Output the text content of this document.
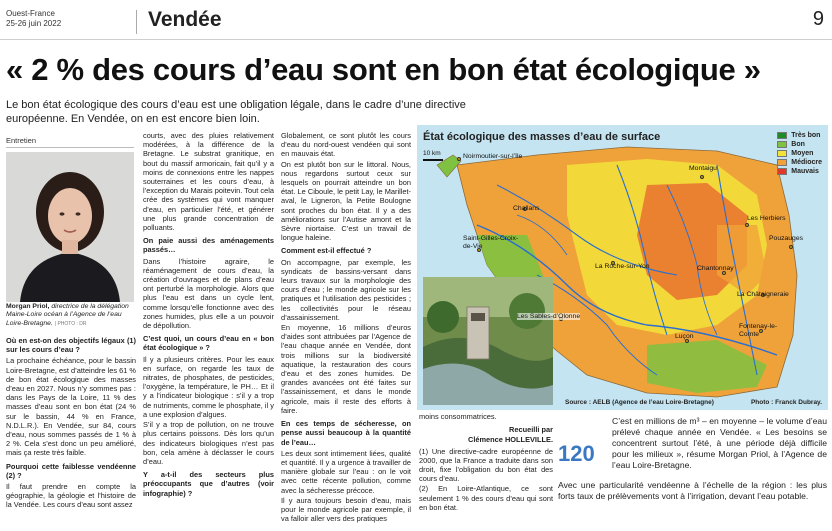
Ouest-France
25-26 juin 2022	Vendée	9
« 2 % des cours d’eau sont en bon état écologique »
Le bon état écologique des cours d’eau est une obligation légale, dans le cadre d’une directive européenne. En Vendée, on en est encore bien loin.
Entretien
Morgan Priol, directrice de la délégation Maine-Loire océan à l’Agence de l’eau Loire-Bretagne. | PHOTO : DR

Où en est-on des objectifs légaux (1) sur les cours d’eau ?

La prochaine échéance, pour le bassin Loire-Bretagne, est d’atteindre les 61 % de bon état écologique des masses d’eau en 2027. Nous n’y sommes pas : dans les Pays de la Loire, 11 % des masses d’eau sont en bon état (24 % sur le bassin, 44 % en France, N.D.L.R.). En Vendée, sur 84, cours d’eau, nous sommes passés de 1 % à 2 %. Cela s’est donc un peu amélioré, mais ça reste très faible.

Pourquoi cette faiblesse vendéenne (2) ?

Il faut prendre en compte la géographie, la géologie et l’histoire de la Vendée. Les cours d’eau sont assez

courts, avec des pluies relativement modérées, à la différence de la Bretagne. Le substrat granitique, en bout du massif armoricain, fait qu’il y a moins de connexions entre les nappes souterraines et les cours d’eau, à l’exception du Marais poitevin. Tout cela crée des systèmes qui vont manquer d’eau, en particulier l’été, et générer une plus grande concentration de polluants.

On paie aussi des aménagements passés…

Dans l’histoire agraire, le réaménagement de cours d’eau, la création d’ouvrages et de plans d’eau ont perturbé la morphologie. Alors que plus l’eau est dans un cycle lent, comme lorsqu’elle fonctionne avec des zones humides, plus elle a un pouvoir de dépollution.

C’est quoi, un cours d’eau en « bon état écologique » ?

Il y a plusieurs critères. Pour les eaux en surface, on regarde les taux de nitrates, de phosphates, de pesticides, l’oxygène, la température, le PH… Et il y a l’indicateur biologique : s’il y a trop de nutriments, comme le phosphate, il y a une explosion d’algues.

S’il y a trop de pollution, on ne trouve plus certains poissons. Dès lors qu’un des indicateurs biologiques n’est pas bon, cela amène à déclasser le cours d’eau.

Y a-t-il des secteurs plus préoccupants que d’autres (voir infographie) ?

Globalement, ce sont plutôt les cours d’eau du nord-ouest vendéen qui sont en mauvais état.

On est plutôt bon sur le littoral. Nous, nous regardons surtout ceux sur lesquels on pourrait atteindre un bon état. Le Ciboule, le petit Lay, le Marillet-aval, le Ligneron, la Petite Boulogne sont proches du bon état. Il y a des améliorations sur l’Autise amont et la Sèvre niortaise. C’est un travail de longue haleine.

Comment est-il effectué ?

On accompagne, par exemple, les syndicats de bassins-versant dans leurs travaux sur la morphologie des cours d’eau ; le monde agricole sur les pratiques et l’utilisation des pesticides ; les collectivités pour le réseau d’assainissement.

En moyenne, 16 millions d’euros d’aides sont attribuées par l’Agence de l’eau chaque année en Vendée, dont trois millions sur la biodiversité aquatique, la restauration des cours d’eau et des zones humides. De grandes avancées ont été faites sur l’assainissement, et dans le monde agricole, mais il reste des efforts à faire.

En ces temps de sécheresse, on pense aussi beaucoup à la quantité de l’eau…

Les deux sont intimement liées, qualité et quantité. Il y a urgence à travailler de manière globale sur l’eau : on le voit avec cette récente pollution, comme avec la sécheresse précoce.

Il y aura toujours besoin d’eau, mais pour le monde agricole par exemple, il va falloir aller vers des pratiques

État écologique des masses d’eau de surface
10 km
Très bon
Bon
Moyen
Médiocre
Mauvais
Noirmoutier-sur-l’île
Montaigu
Challans
Les Herbiers
Saint-Gilles-Croix-de-Vie
Pouzauges
Chantonnay
La Roche-sur-Yon
La Châtaigneraie
Les Sables-d’Olonne
Fontenay-le-Comte
Luçon
Source : AELB (Agence de l’eau Loire-Bretagne)	Photo : Franck Dubray.

moins consommatrices.

Recueilli par

Clémence HOLLEVILLE.

(1) Une directive-cadre européenne de 2000, que la France a traduite dans son droit, fixe l’obligation du bon état des cours d’eau.

(2) En Loire-Atlantique, ce sont seulement 1 % des cours d’eau qui sont en bon état.

120
C’est en millions de m³ – en moyenne – le volume d’eau prélevé chaque année en Vendée. « Les besoins se concentrent surtout l’été, à une période déjà difficile pour les milieux », résume Morgan Priol, à l’Agence de l’eau Loire-Bretagne.
Avec une particularité vendéenne à l’échelle de la région : les plus forts taux de prélèvements vont à l’irrigation, devant l’eau potable.
